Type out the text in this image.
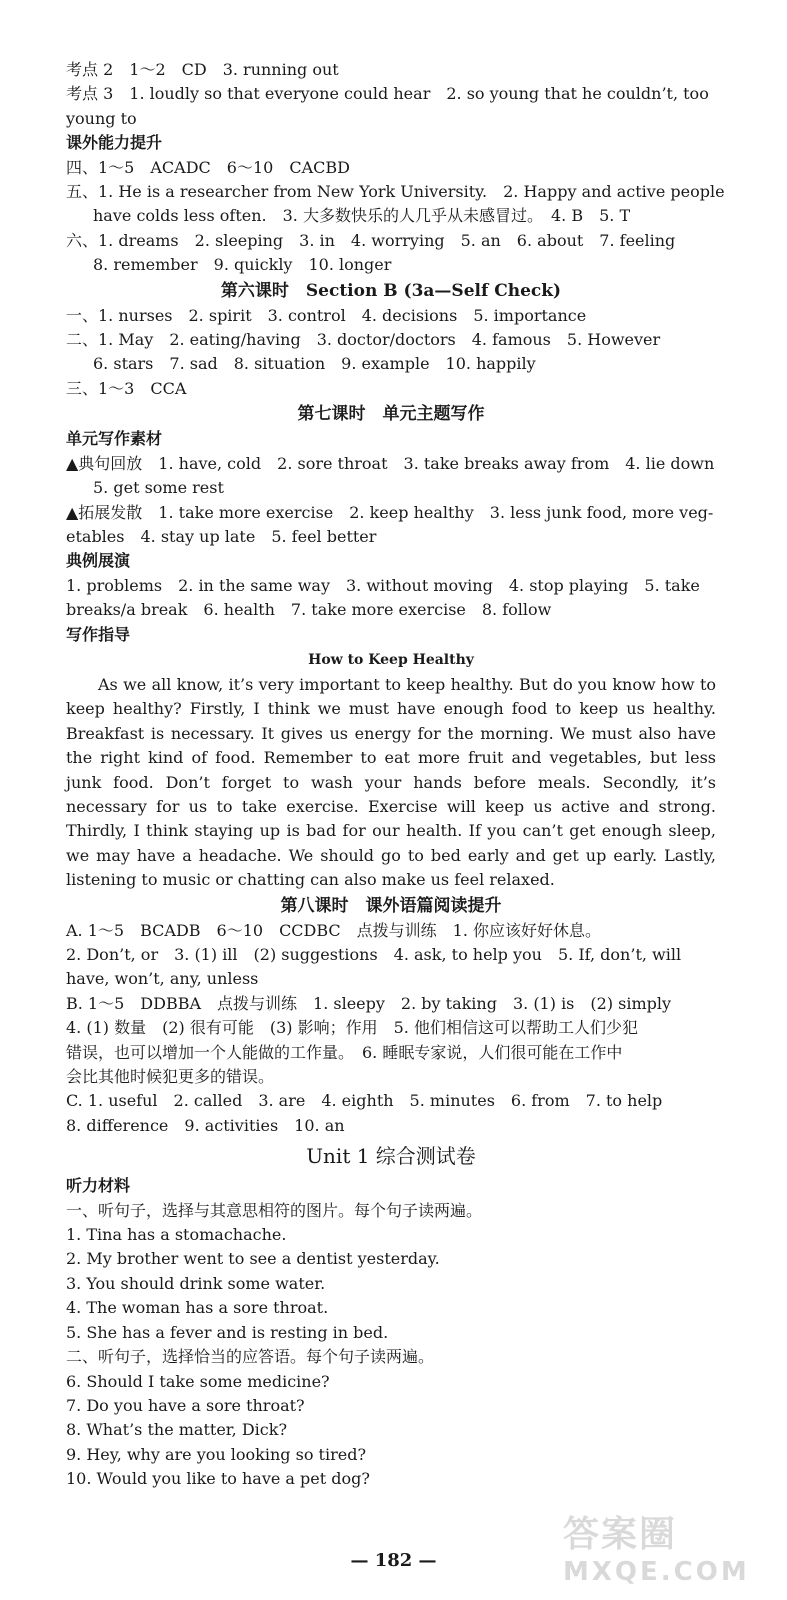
考点 2　1～2　CD　3. running out
考点 3　1. loudly so that everyone could hear　2. so young that he couldn’t, too
young to
课外能力提升
四、1～5　ACADC　6～10　CACBD
五、1. He is a researcher from New York University.　2. Happy and active people
have colds less often.　3. 大多数快乐的人几乎从未感冒过。　4. B　5. T
六、1. dreams　2. sleeping　3. in　4. worrying　5. an　6. about　7. feeling
8. remember　9. quickly　10. longer
第六课时　Section B (3a—Self Check)
一、1. nurses　2. spirit　3. control　4. decisions　5. importance
二、1. May　2. eating/having　3. doctor/doctors　4. famous　5. However
6. stars　7. sad　8. situation　9. example　10. happily
三、1～3　CCA
第七课时　单元主题写作
单元写作素材
▲典句回放　1. have, cold　2. sore throat　3. take breaks away from　4. lie down
5. get some rest
▲拓展发散　1. take more exercise　2. keep healthy　3. less junk food, more veg-
etables　4. stay up late　5. feel better
典例展演
1. problems　2. in the same way　3. without moving　4. stop playing　5. take
breaks/a break　6. health　7. take more exercise　8. follow
写作指导
How to Keep Healthy

As we all know, it’s very important to keep healthy. But do you know how to keep healthy? Firstly, I think we must have enough food to keep us healthy. Breakfast is necessary. It gives us energy for the morning. We must also have the right kind of food. Remember to eat more fruit and vegetables, but less junk food. Don’t forget to wash your hands before meals. Secondly, it’s necessary for us to take exercise. Exercise will keep us active and strong. Thirdly, I think staying up is bad for our health. If you can’t get enough sleep, we may have a headache. We should go to bed early and get up early. Lastly, listening to music or chatting can also make us feel relaxed.

第八课时　课外语篇阅读提升
A. 1～5　BCADB　6～10　CCDBC　点拨与训练　1. 你应该好好休息。
2. Don’t, or　3. (1) ill　(2) suggestions　4. ask, to help you　5. If, don’t, will
have, won’t, any, unless
B. 1～5　DDBBA　点拨与训练　1. sleepy　2. by taking　3. (1) is　(2) simply
4. (1) 数量　(2) 很有可能　(3) 影响；作用　5. 他们相信这可以帮助工人们少犯
错误，也可以增加一个人能做的工作量。　6. 睡眠专家说，人们很可能在工作中
会比其他时候犯更多的错误。
C. 1. useful　2. called　3. are　4. eighth　5. minutes　6. from　7. to help
8. difference　9. activities　10. an
Unit 1 综合测试卷
听力材料
一、听句子，选择与其意思相符的图片。每个句子读两遍。
1. Tina has a stomachache.
2. My brother went to see a dentist yesterday.
3. You should drink some water.
4. The woman has a sore throat.
5. She has a fever and is resting in bed.
二、听句子，选择恰当的应答语。每个句子读两遍。
6. Should I take some medicine?
7. Do you have a sore throat?
8. What’s the matter, Dick?
9. Hey, why are you looking so tired?
10. Would you like to have a pet dog?
— 182 —
答案圈
MXQE.COM
